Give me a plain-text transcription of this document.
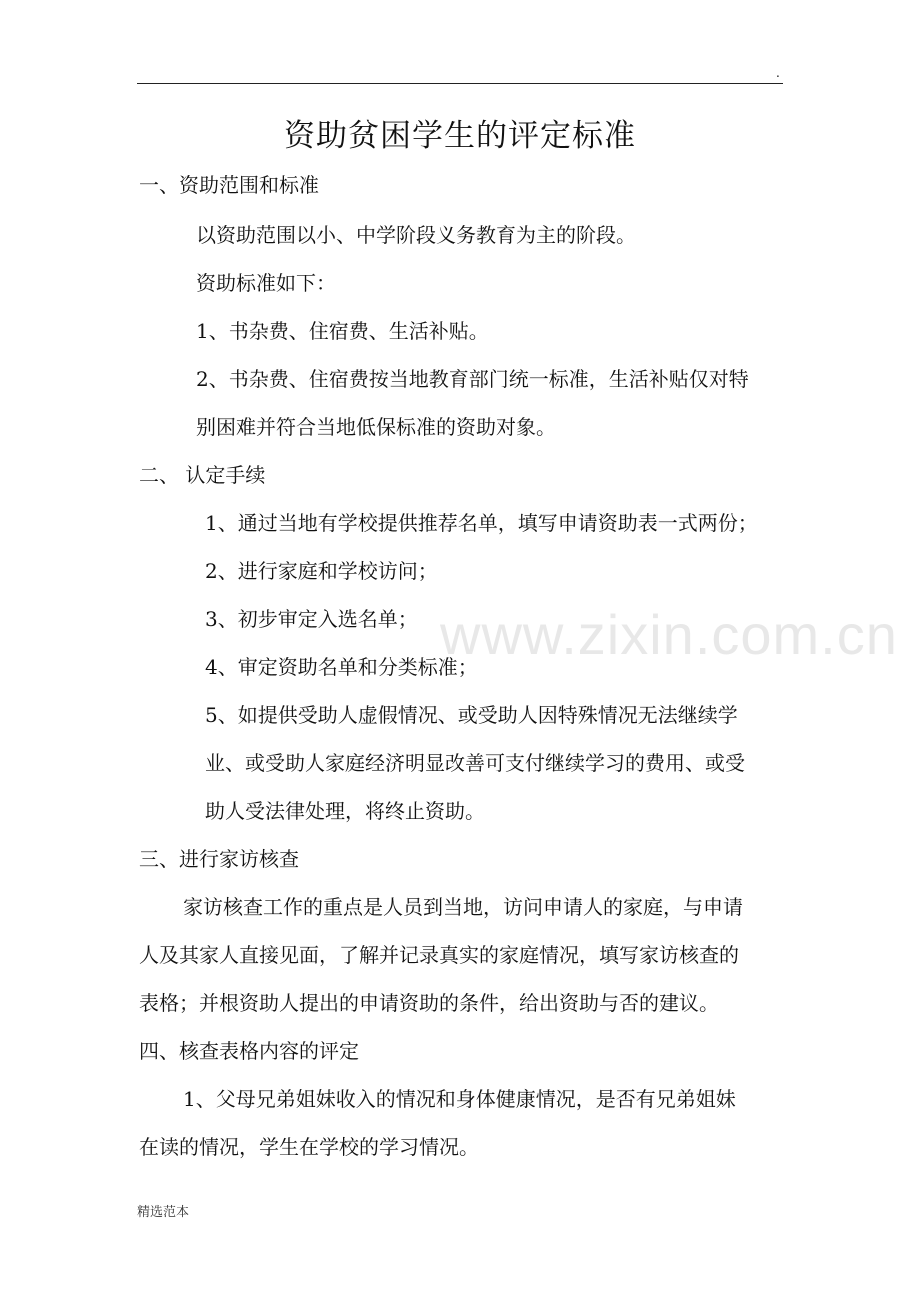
.
资助贫困学生的评定标准
一、资助范围和标准
以资助范围以小、中学阶段义务教育为主的阶段。
资助标准如下：
1、书杂费、住宿费、生活补贴。
2、书杂费、住宿费按当地教育部门统一标准，生活补贴仅对特
别困难并符合当地低保标准的资助对象。
二、 认定手续
1、通过当地有学校提供推荐名单，填写申请资助表一式两份；
2、进行家庭和学校访问；
3、初步审定入选名单；
4、审定资助名单和分类标准；
5、如提供受助人虚假情况、或受助人因特殊情况无法继续学
业、或受助人家庭经济明显改善可支付继续学习的费用、或受
助人受法律处理，将终止资助。
三、进行家访核查
家访核查工作的重点是人员到当地，访问申请人的家庭，与申请
人及其家人直接见面，了解并记录真实的家庭情况，填写家访核查的
表格；并根资助人提出的申请资助的条件，给出资助与否的建议。
四、核查表格内容的评定
1、父母兄弟姐妹收入的情况和身体健康情况，是否有兄弟姐妹
在读的情况，学生在学校的学习情况。
www.zixin.com.cn
精选范本
